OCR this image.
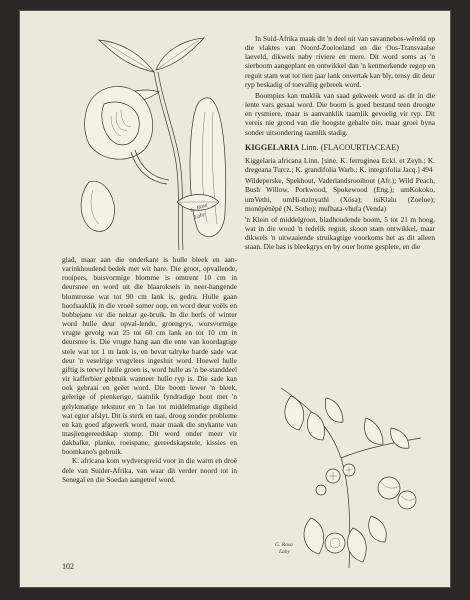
G. Rosa
Laby

In Suid-Afrika maak dit 'n deel uit van savannebos-wêreld op die vlaktes van Noord-Zoeloeland en die Oos-Transvaalse laeveld, dikwels naby riviere en mere. Dit word soms as 'n sierboom aangeplant en ontwikkel dan 'n kenmerkende regop en reguit stam wat tot tien jaar lank onvertak kan bly, tensy dit deur ryp beskadig of toevallig gebreek word.

Boompies kan maklik van saad gekweek word as dit in die lente vars gesaai word. Die boom is goed bestand teen droogte en rysmiere, maar is aanvanklik taamlik gevoelig vir ryp. Dit vereis nie grond van die hoogste gehalte nie, maar groei byna sonder uitsondering taamlik stadig.

KIGGELARIA Linn. (FLACOURTIACEAE)

Kiggelaria africana Linn. [sine. K. ferruginea Eckl. et Zeyh.; K. dregeana Turcz.; K. grandifolia Warb.; K. integrifolia Jacq.] 494

Wildeperske, Spekhout, Vaderlandsrooihout (Afr.); Wild Peach, Bush Willow, Porkwood, Spokewood (Eng.); umKokoko, umVethi, umHi-nzinyathi (Xósa); isiKlalu (Zoeloe); monêpènêpé (N. Sotho); mufhata-vhufa (Venda)

'n Klein of middelgroot, bladhoudende boom, 5 tot 21 m hoog, wat in die woud 'n redelik reguit, skoon stam ontwikkel, maar dikwels 'n uitwaaiende struikagtige voorkoms het as dit alleen staan. Die bas is bleekgrys en by ouer bome gesplete, en die

glad, maar aan die onderkant is hulle bleek en aan-varinkhoudend bedek met wit hare. Die groot, opvallende, rooipers, buisvormige blomme is omtrent 10 cm in deursnee en word uit die blaaroksels in neer-hangende blomtrosse wat tot 90 cm lank is, gedra. Hulle gaan hoofsaaklik in die vroeë somer oop, en word deur voëls en bobbejane vir die nektar ge-bruik. In die herfs of winter word hulle deur opval-lende, groengrys, worsvormige vrugte gevolg wat 25 tot 60 cm lank en tot 10 cm in deursnee is. Die vrugte hang aan die ente van koordagtige stele wat tot 1 m lank is, en bevat talryke harde sade wat deur 'n veselrige vrugvlees ingesluit word. Hoewel hulle giftig is terwyl hulle groen is, word hulle as 'n be-standdeel vir kafferbier gebruik wanneer hulle ryp is. Die sade kan ook gebraai en geëet word. Die boom lewer 'n bleek, gelerige of pienkerige, taamlik fyndradige hout met 'n gelykmatige tekstuur en 'n lae tot middelmatige digtheid wat egter afslyt. Dit is sterk en taai, droog sonder probleme en kan goed afgewerk word, maar maak die snykante van masjiengereedskap stomp. Dit word onder meer vir dakbalke, planke, roeispane, gereedskapstele, kissies en boomkano's gebruik.

K. africana kom wydverspreid voor in die warm en droë dele van Suider-Afrika, van waar dit verder noord tot in Senegal en die Soedan aangetref word.

G. Rosa
Laby
102
